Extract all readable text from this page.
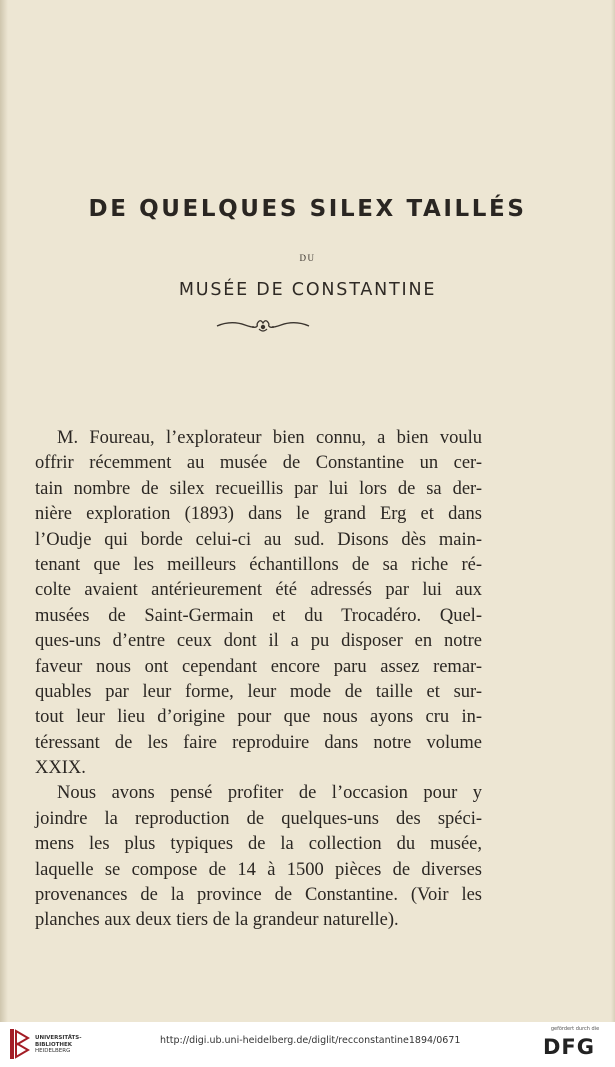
DE QUELQUES SILEX TAILLÉS
DU
MUSÉE DE CONSTANTINE
M. Foureau, l’explorateur bien connu, a bien voulu
offrir récemment au musée de Constantine un cer-
tain nombre de silex recueillis par lui lors de sa der-
nière exploration (1893) dans le grand Erg et dans
l’Oudje qui borde celui-ci au sud. Disons dès main-
tenant que les meilleurs échantillons de sa riche ré-
colte avaient antérieurement été adressés par lui aux
musées de Saint-Germain et du Trocadéro. Quel-
ques-uns d’entre ceux dont il a pu disposer en notre
faveur nous ont cependant encore paru assez remar-
quables par leur forme, leur mode de taille et sur-
tout leur lieu d’origine pour que nous ayons cru in-
téressant de les faire reproduire dans notre volume
XXIX.
Nous avons pensé profiter de l’occasion pour y
joindre la reproduction de quelques-uns des spéci-
mens les plus typiques de la collection du musée,
laquelle se compose de 14 à 1500 pièces de diverses
provenances de la province de Constantine. (Voir les
planches aux deux tiers de la grandeur naturelle).
UNIVERSITÄTS-
BIBLIOTHEK
HEIDELBERG
http://digi.ub.uni-heidelberg.de/diglit/recconstantine1894/0671
gefördert durch die
DFG
